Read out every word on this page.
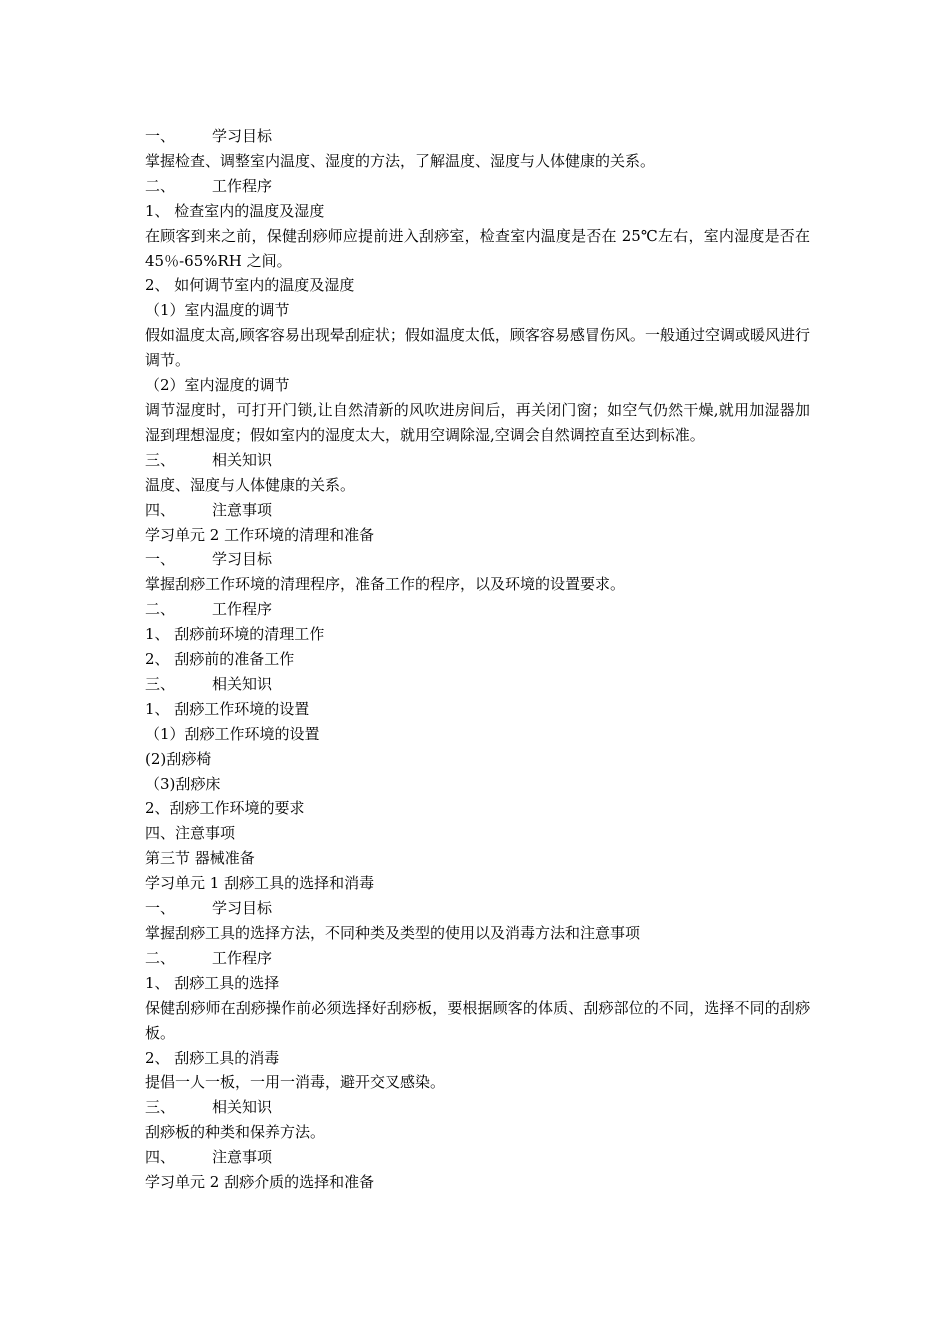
一、 学习目标

掌握检查、调整室内温度、湿度的方法，了解温度、湿度与人体健康的关系。

二、 工作程序

1、 检查室内的温度及湿度

在顾客到来之前，保健刮痧师应提前进入刮痧室，检查室内温度是否在 25℃左右，室内湿度是否在 45％-65%RH 之间。

2、 如何调节室内的温度及湿度

（1）室内温度的调节

假如温度太高,顾客容易出现晕刮症状；假如温度太低，顾客容易感冒伤风。一般通过空调或暖风进行调节。

（2）室内湿度的调节

调节湿度时，可打开门锁,让自然清新的风吹进房间后，再关闭门窗；如空气仍然干燥,就用加湿器加湿到理想湿度；假如室内的湿度太大，就用空调除湿,空调会自然调控直至达到标准。

三、 相关知识

温度、湿度与人体健康的关系。

四、 注意事项

学习单元 2 工作环境的清理和准备

一、 学习目标

掌握刮痧工作环境的清理程序，准备工作的程序，以及环境的设置要求。

二、 工作程序

1、 刮痧前环境的清理工作

2、 刮痧前的准备工作

三、 相关知识

1、 刮痧工作环境的设置

（1）刮痧工作环境的设置

(2)刮痧椅

（3)刮痧床

2、刮痧工作环境的要求

四、注意事项

第三节 器械准备

学习单元 1 刮痧工具的选择和消毒

一、 学习目标

掌握刮痧工具的选择方法，不同种类及类型的使用以及消毒方法和注意事项

二、 工作程序

1、 刮痧工具的选择

保健刮痧师在刮痧操作前必须选择好刮痧板，要根据顾客的体质、刮痧部位的不同，选择不同的刮痧板。

2、 刮痧工具的消毒

提倡一人一板，一用一消毒，避开交叉感染。

三、 相关知识

刮痧板的种类和保养方法。

四、 注意事项

学习单元 2 刮痧介质的选择和准备
